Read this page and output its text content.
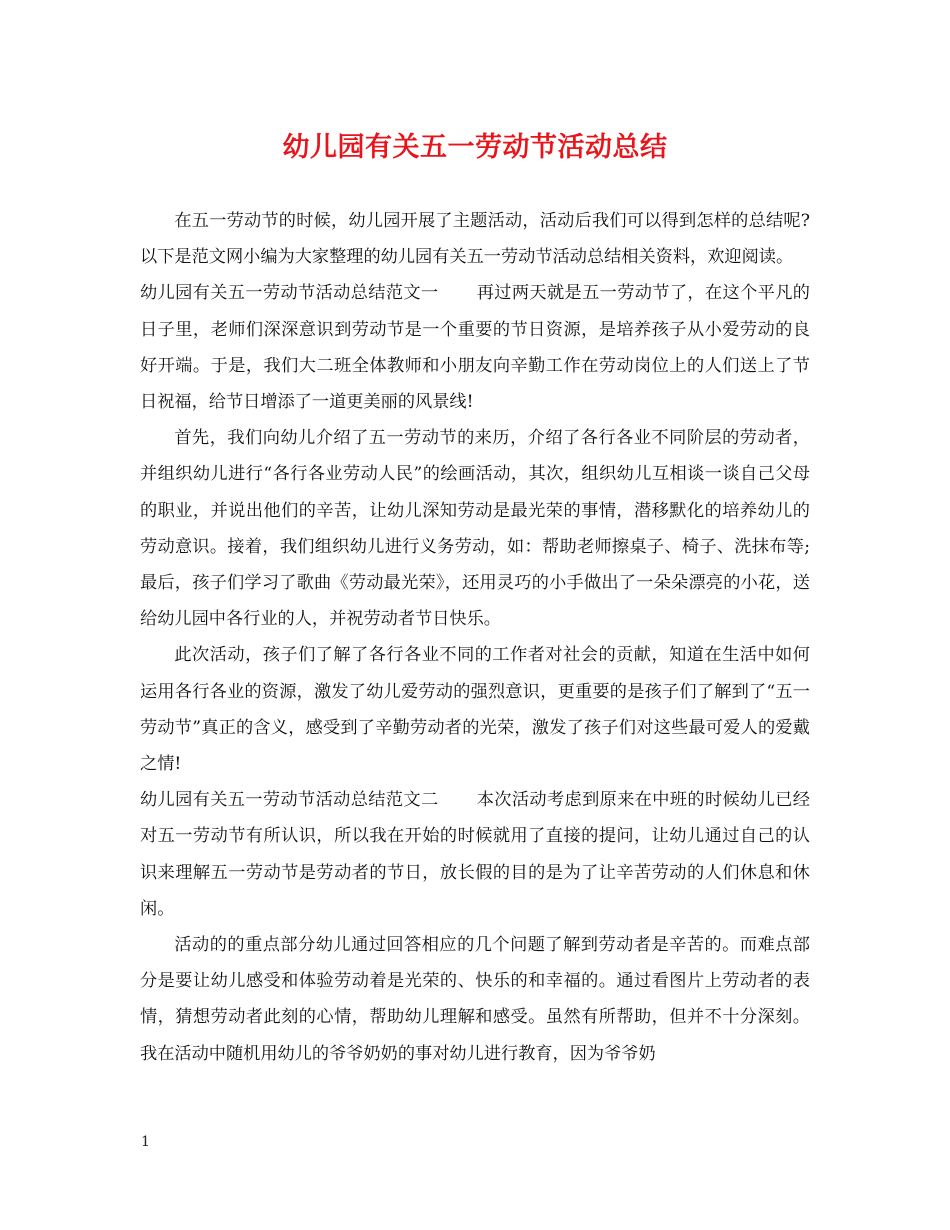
幼儿园有关五一劳动节活动总结

在五一劳动节的时候，幼儿园开展了主题活动，活动后我们可以得到怎样的总结呢?以下是范文网小编为大家整理的幼儿园有关五一劳动节活动总结相关资料，欢迎阅读。

幼儿园有关五一劳动节活动总结范文一 再过两天就是五一劳动节了，在这个平凡的日子里，老师们深深意识到劳动节是一个重要的节日资源，是培养孩子从小爱劳动的良好开端。于是，我们大二班全体教师和小朋友向辛勤工作在劳动岗位上的人们送上了节日祝福，给节日增添了一道更美丽的风景线!

首先，我们向幼儿介绍了五一劳动节的来历，介绍了各行各业不同阶层的劳动者，并组织幼儿进行“各行各业劳动人民”的绘画活动，其次，组织幼儿互相谈一谈自己父母的职业，并说出他们的辛苦，让幼儿深知劳动是最光荣的事情，潜移默化的培养幼儿的劳动意识。接着，我们组织幼儿进行义务劳动，如：帮助老师擦桌子、椅子、洗抹布等;最后，孩子们学习了歌曲《劳动最光荣》，还用灵巧的小手做出了一朵朵漂亮的小花，送给幼儿园中各行业的人，并祝劳动者节日快乐。

此次活动，孩子们了解了各行各业不同的工作者对社会的贡献，知道在生活中如何运用各行各业的资源，激发了幼儿爱劳动的强烈意识，更重要的是孩子们了解到了“五一劳动节”真正的含义，感受到了辛勤劳动者的光荣，激发了孩子们对这些最可爱人的爱戴之情!

幼儿园有关五一劳动节活动总结范文二 本次活动考虑到原来在中班的时候幼儿已经对五一劳动节有所认识，所以我在开始的时候就用了直接的提问，让幼儿通过自己的认识来理解五一劳动节是劳动者的节日，放长假的目的是为了让辛苦劳动的人们休息和休闲。

活动的的重点部分幼儿通过回答相应的几个问题了解到劳动者是辛苦的。而难点部分是要让幼儿感受和体验劳动着是光荣的、快乐的和幸福的。通过看图片上劳动者的表情，猜想劳动者此刻的心情，帮助幼儿理解和感受。虽然有所帮助，但并不十分深刻。我在活动中随机用幼儿的爷爷奶奶的事对幼儿进行教育，因为爷爷奶

1
